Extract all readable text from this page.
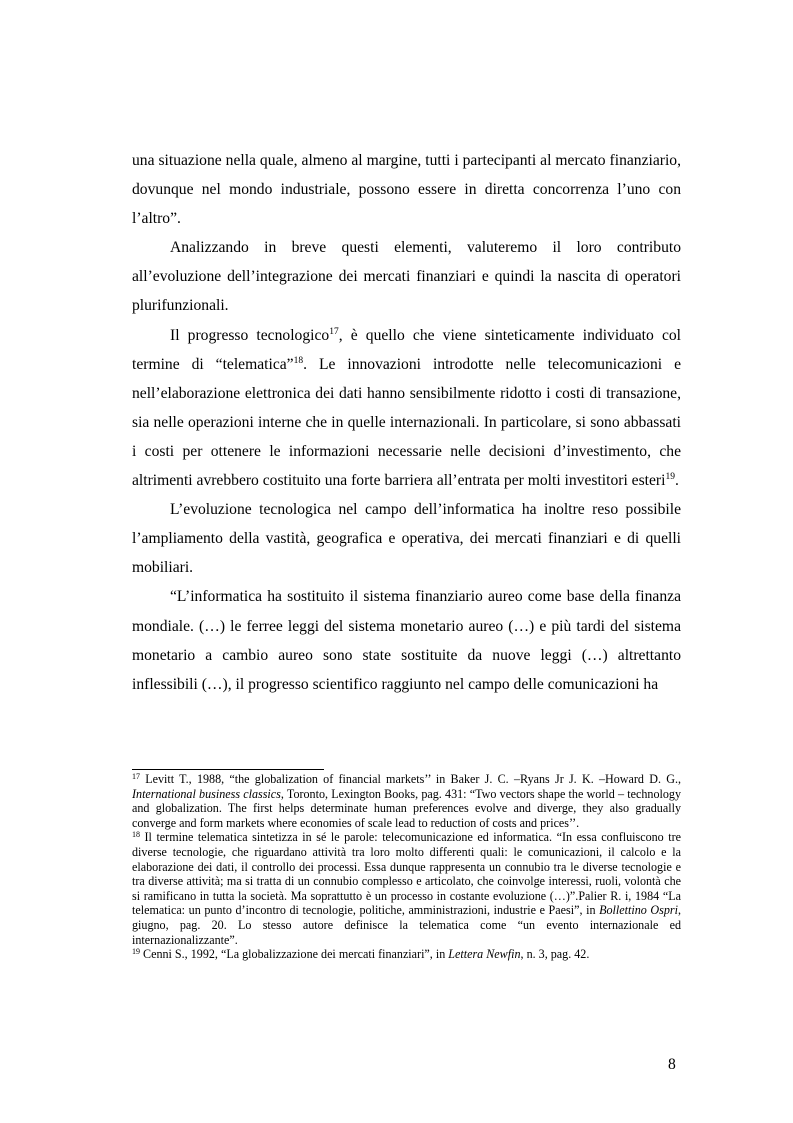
una situazione nella quale, almeno al margine, tutti i partecipanti al mercato finanziario, dovunque nel mondo industriale, possono essere in diretta concorrenza l’uno con l’altro”.

Analizzando in breve questi elementi, valuteremo il loro contributo all’evoluzione dell’integrazione dei mercati finanziari e quindi la nascita di operatori plurifunzionali.

Il progresso tecnologico$^{17}$, è quello che viene sinteticamente individuato col termine di “telematica”$^{18}$. Le innovazioni introdotte nelle telecomunicazioni e nell’elaborazione elettronica dei dati hanno sensibilmente ridotto i costi di transazione, sia nelle operazioni interne che in quelle internazionali. In particolare, si sono abbassati i costi per ottenere le informazioni necessarie nelle decisioni d’investimento, che altrimenti avrebbero costituito una forte barriera all’entrata per molti investitori esteri$^{19}$.

L’evoluzione tecnologica nel campo dell’informatica ha inoltre reso possibile l’ampliamento della vastità, geografica e operativa, dei mercati finanziari e di quelli mobiliari.

“L’informatica ha sostituito il sistema finanziario aureo come base della finanza mondiale. (…) le ferree leggi del sistema monetario aureo (…) e più tardi del sistema monetario a cambio aureo sono state sostituite da nuove leggi (…) altrettanto inflessibili (…), il progresso scientifico raggiunto nel campo delle comunicazioni ha

$^{17}$ Levitt T., 1988, “the globalization of financial markets’’ in Baker J. C. –Ryans Jr J. K. –Howard D. G., International business classics, Toronto, Lexington Books, pag. 431: “Two vectors shape the world – technology and globalization. The first helps determinate human preferences evolve and diverge, they also gradually converge and form markets where economies of scale lead to reduction of costs and prices’’.

$^{18}$ Il termine telematica sintetizza in sé le parole: telecomunicazione ed informatica. “In essa confluiscono tre diverse tecnologie, che riguardano attività tra loro molto differenti quali: le comunicazioni, il calcolo e la elaborazione dei dati, il controllo dei processi. Essa dunque rappresenta un connubio tra le diverse tecnologie e tra diverse attività; ma si tratta di un connubio complesso e articolato, che coinvolge interessi, ruoli, volontà che si ramificano in tutta la società. Ma soprattutto è un processo in costante evoluzione (…)”.Palier R. i, 1984 “La telematica: un punto d’incontro di tecnologie, politiche, amministrazioni, industrie e Paesi”, in Bollettino Ospri, giugno, pag. 20. Lo stesso autore definisce la telematica come “un evento internazionale ed internazionalizzante”.

$^{19}$ Cenni S., 1992, “La globalizzazione dei mercati finanziari”, in Lettera Newfin, n. 3, pag. 42.

8
